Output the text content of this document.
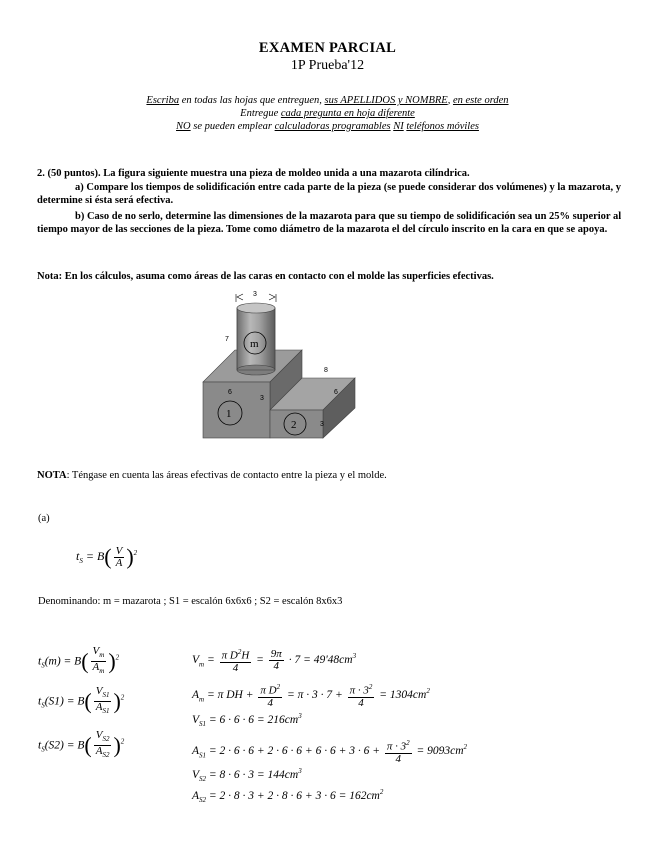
EXAMEN PARCIAL
1P Prueba'12
Escriba en todas las hojas que entreguen, sus APELLIDOS y NOMBRE, en este orden
Entregue cada pregunta en hoja diferente
NO se pueden emplear calculadoras programables NI teléfonos móviles
2. (50 puntos). La figura siguiente muestra una pieza de moldeo unida a una mazarota cilíndrica.
a) Compare los tiempos de solidificación entre cada parte de la pieza (se puede considerar dos volúmenes) y la mazarota, y determine si ésta será efectiva.
b) Caso de no serlo, determine las dimensiones de la mazarota para que su tiempo de solidificación sea un 25% superior al tiempo mayor de las secciones de la pieza. Tome como diámetro de la mazarota el del círculo inscrito en la cara en que se apoya.
Nota: En los cálculos, asuma como áreas de las caras en contacto con el molde las superficies efectivas.
3
m
1
2
7
6	6
8
3
3
NOTA: Téngase en cuenta las áreas efectivas de contacto entre la pieza y el molde.
(a)
$t_S = B( \frac{V}{A} )^2$
Denominando: m = mazarota ; S1 = escalón 6x6x6 ; S2 = escalón 8x6x3
$t_S(m) = B( \frac{V_m}{A_m} )^2$
$t_S(S1) = B( \frac{V_{S1}}{A_{S1}} )^2$
$t_S(S2) = B( \frac{V_{S2}}{A_{S2}} )^2$
$V_m = \frac{\pi D^2H}{4} = \frac{9\pi}{4} \cdot 7 = 49'48cm^3$
$A_m = \pi$ DH + $\frac{\pi D^2}{4} = \pi \cdot 3 \cdot 7 + \frac{\pi \cdot 3^2}{4} = 1304cm^2$
$V_{S1} = 6 \cdot 6 \cdot 6 = 216cm^3$
$A_{S1} = 2 \cdot 6 \cdot 6 + 2 \cdot 6 \cdot 6 + 6 \cdot 6 + 3 \cdot 6 + \frac{\pi \cdot 3^2}{4} = 9093cm^2$
$V_{S2} = 8 \cdot 6 \cdot 3 = 144cm^3$
$A_{S2} = 2 \cdot 8 \cdot 3 + 2 \cdot 8 \cdot 6 + 3 \cdot 6 = 162cm^2$
